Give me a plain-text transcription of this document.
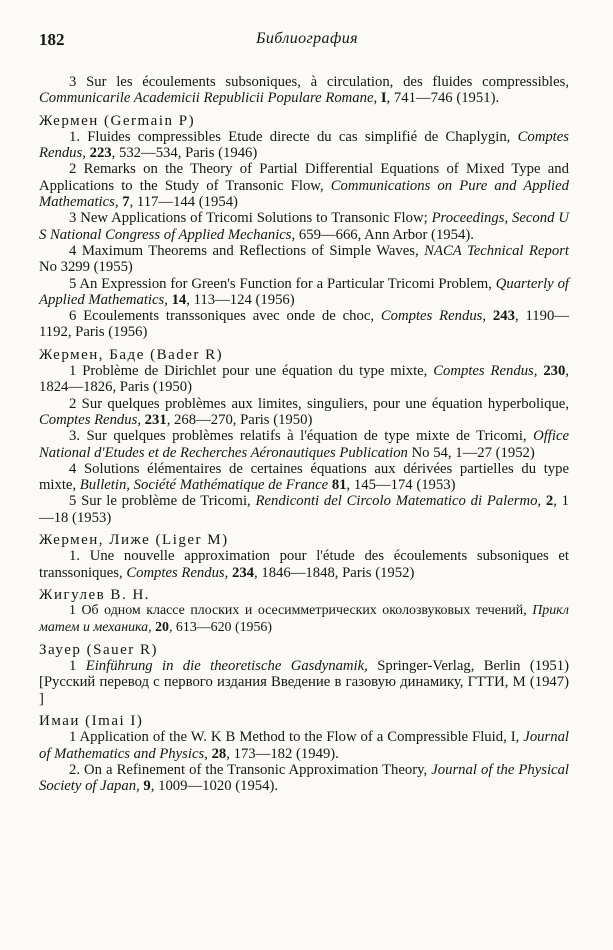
182	Библиография

3 Sur les écoulements subsoniques, à circulation, des fluides compressibles, Communicarile Academicii Republicii Populare Romane, I, 741—746 (1951).

Жермен (Germain P)

1. Fluides compressibles Etude directe du cas simplifié de Chaplygin, Comptes Rendus, 223, 532—534, Paris (1946)

2 Remarks on the Theory of Partial Differential Equations of Mixed Type and Applications to the Study of Transonic Flow, Communications on Pure and Applied Mathematics, 7, 117—144 (1954)

3 New Applications of Tricomi Solutions to Transonic Flow; Proceedings, Second U S National Congress of Applied Mechanics, 659—666, Ann Arbor (1954).

4 Maximum Theorems and Reflections of Simple Waves, NACA Technical Report No 3299 (1955)

5 An Expression for Green's Function for a Particular Tricomi Problem, Quarterly of Applied Mathematics, 14, 113—124 (1956)

6 Ecoulements transsoniques avec onde de choc, Comptes Rendus, 243, 1190—1192, Paris (1956)

Жермен, Баде (Bader R)

1 Problème de Dirichlet pour une équation du type mixte, Comptes Rendus, 230, 1824—1826, Paris (1950)

2 Sur quelques problèmes aux limites, singuliers, pour une équation hyperbolique, Comptes Rendus, 231, 268—270, Paris (1950)

3. Sur quelques problèmes relatifs à l'équation de type mixte de Tricomi, Office National d'Etudes et de Recherches Aéronautiques Publication No 54, 1—27 (1952)

4 Solutions élémentaires de certaines équations aux dérivées partielles du type mixte, Bulletin, Société Mathématique de France 81, 145—174 (1953)

5 Sur le problème de Tricomi, Rendiconti del Circolo Matematico di Palermo, 2, 1—18 (1953)

Жермен, Лиже (Liger M)

1. Une nouvelle approximation pour l'étude des écoulements subsoniques et transsoniques, Comptes Rendus, 234, 1846—1848, Paris (1952)

Жигулев В. Н.

1 Об одном классе плоских и осесимметрических околозвуковых течений, Прикл матем и механика, 20, 613—620 (1956)

Зауер (Sauer R)

1 Einführung in die theoretische Gasdynamik, Springer-Verlag, Berlin (1951) [Русский перевод с первого издания Введение в газовую динамику, ГТТИ, М (1947) ]

Имаи (Imai I)

1 Application of the W. K B Method to the Flow of a Compressible Fluid, I, Journal of Mathematics and Physics, 28, 173—182 (1949).

2. On a Refinement of the Transonic Approximation Theory, Journal of the Physical Society of Japan, 9, 1009—1020 (1954).
